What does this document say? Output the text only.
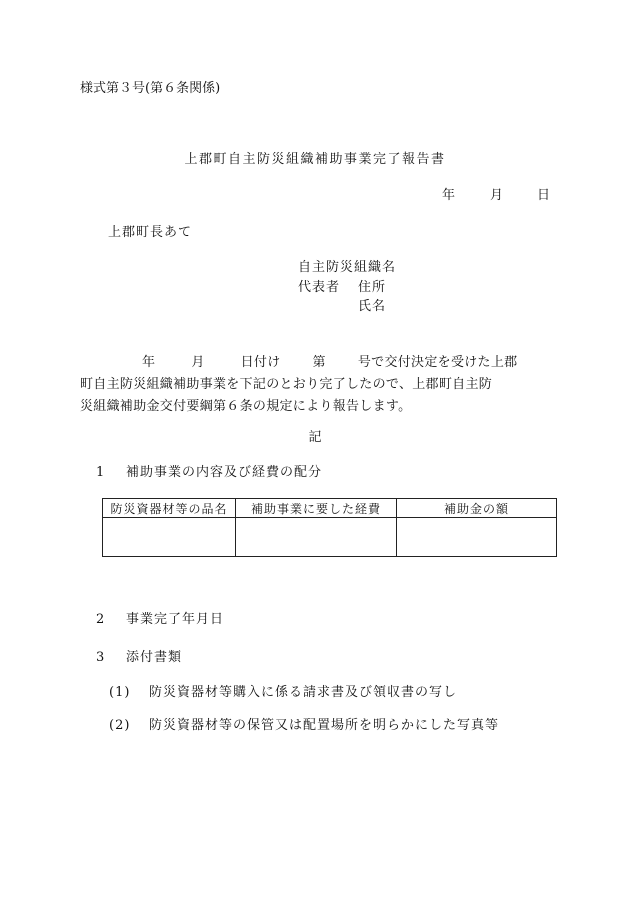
様式第３号(第６条関係)
上郡町自主防災組織補助事業完了報告書
年	月	日
上郡町長あて
自主防災組織名
代表者 住所
氏名
年	月	日付け 第 号で交付決定を受けた上郡
町自主防災組織補助事業を下記のとおり完了したので、上郡町自主防
災組織補助金交付要綱第６条の規定により報告します。
記
1 補助事業の内容及び経費の配分
防災資器材等の品名	補助事業に要した経費	補助金の額

2 事業完了年月日
3 添付書類
(1) 防災資器材等購入に係る請求書及び領収書の写し
(2) 防災資器材等の保管又は配置場所を明らかにした写真等
